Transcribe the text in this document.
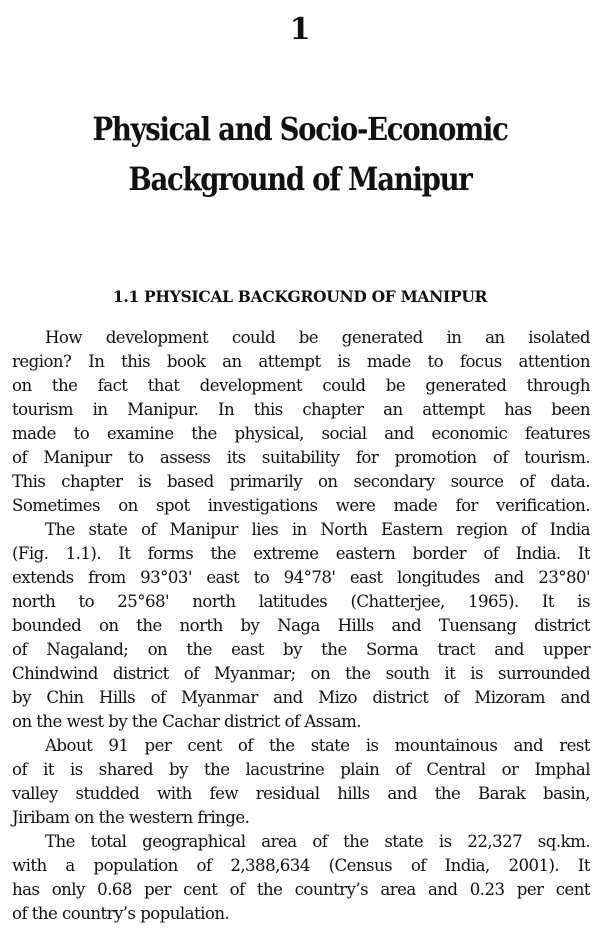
1
Physical and Socio-Economic
Background of Manipur
1.1 PHYSICAL BACKGROUND OF MANIPUR
How development could be generated in an isolated
region? In this book an attempt is made to focus attention
on the fact that development could be generated through
tourism in Manipur. In this chapter an attempt has been
made to examine the physical, social and economic features
of Manipur to assess its suitability for promotion of tourism.
This chapter is based primarily on secondary source of data.
Sometimes on spot investigations were made for verification.
The state of Manipur lies in North Eastern region of India
(Fig. 1.1). It forms the extreme eastern border of India. It
extends from 93°03' east to 94°78' east longitudes and 23°80'
north to 25°68' north latitudes (Chatterjee, 1965). It is
bounded on the north by Naga Hills and Tuensang district
of Nagaland; on the east by the Sorma tract and upper
Chindwind district of Myanmar; on the south it is surrounded
by Chin Hills of Myanmar and Mizo district of Mizoram and
on the west by the Cachar district of Assam.
About 91 per cent of the state is mountainous and rest
of it is shared by the lacustrine plain of Central or Imphal
valley studded with few residual hills and the Barak basin,
Jiribam on the western fringe.
The total geographical area of the state is 22,327 sq.km.
with a population of 2,388,634 (Census of India, 2001). It
has only 0.68 per cent of the country’s area and 0.23 per cent
of the country’s population.
